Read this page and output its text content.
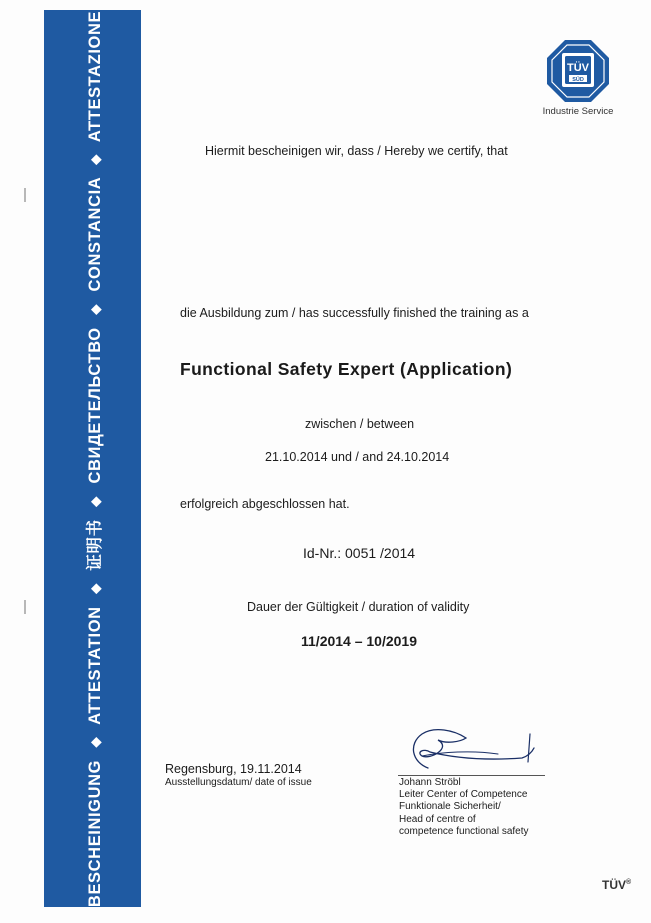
BESCHEINIGUNG ◆ ATTESTATION ◆ 证明书 ◆ СВИДЕТЕЛЬСТВО ◆ CONSTANCIA ◆ ATTESTAZIONE	TÜV
SÜD
Industrie Service
Hiermit bescheinigen wir, dass / Hereby we certify, that
die Ausbildung zum / has successfully finished the training as a
Functional Safety Expert (Application)
zwischen / between
21.10.2014 und / and 24.10.2014
erfolgreich abgeschlossen hat.
Id-Nr.: 0051 /2014
Dauer der Gültigkeit / duration of validity
11/2014 – 10/2019
Regensburg, 19.11.2014
Ausstellungsdatum/ date of issue	Johann Ströbl
Leiter Center of Competence
Funktionale Sicherheit/
Head of centre of
competence functional safety
TÜV®
